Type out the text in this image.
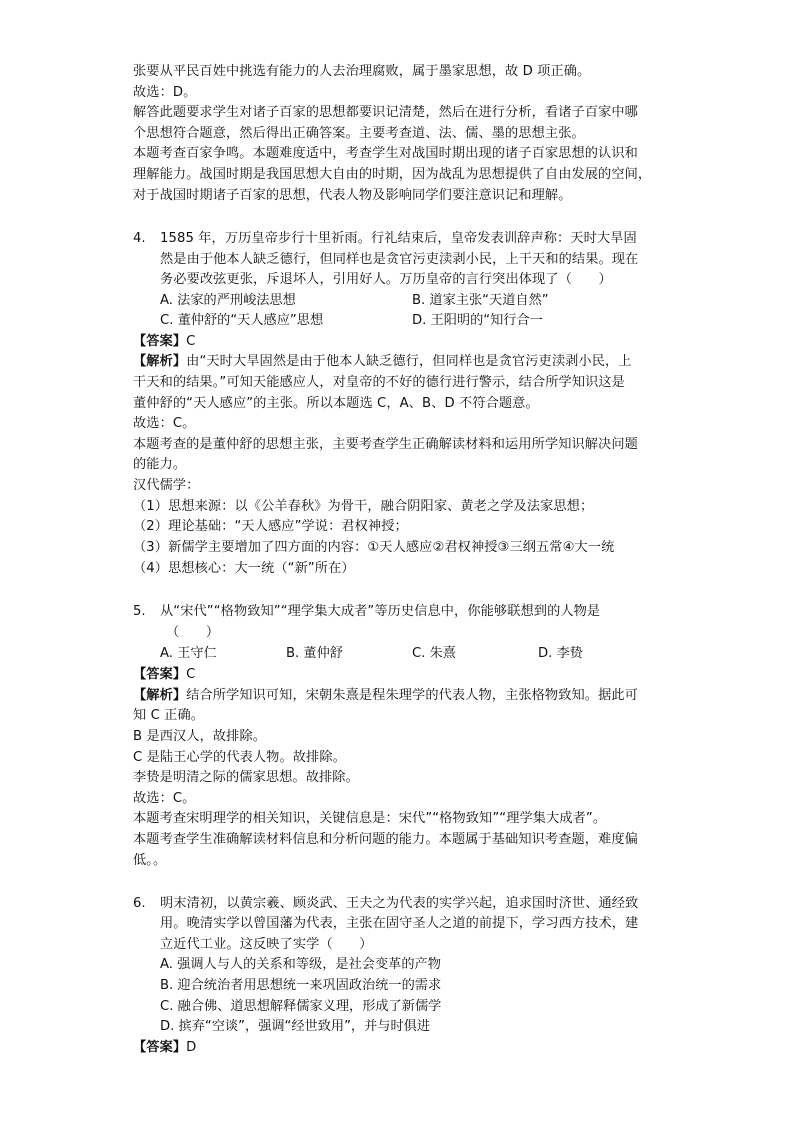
张要从平民百姓中挑选有能力的人去治理腐败，属于墨家思想，故 D 项正确。
故选：D。
解答此题要求学生对诸子百家的思想都要识记清楚，然后在进行分析，看诸子百家中哪
个思想符合题意，然后得出正确答案。主要考查道、法、儒、墨的思想主张。
本题考查百家争鸣。本题难度适中，考查学生对战国时期出现的诸子百家思想的认识和
理解能力。战国时期是我国思想大自由的时期，因为战乱为思想提供了自由发展的空间，
对于战国时期诸子百家的思想，代表人物及影响同学们要注意识记和理解。
4. 1585 年，万历皇帝步行十里祈雨。行礼结束后，皇帝发表训辞声称：天时大旱固
然是由于他本人缺乏德行，但同样也是贪官污吏渎剥小民，上干天和的结果。现在
务必要改弦更张，斥退坏人，引用好人。万历皇帝的言行突出体现了（　　）
A. 法家的严刑峻法思想	B. 道家主张“天道自然”
C. 董仲舒的“天人感应”思想	D. 王阳明的“知行合一
【答案】C
【解析】由“天时大旱固然是由于他本人缺乏德行，但同样也是贪官污吏渎剥小民，上
干天和的结果。”可知天能感应人，对皇帝的不好的德行进行警示，结合所学知识这是
董仲舒的“天人感应”的主张。所以本题选 C，A、B、D 不符合题意。
故选：C。
本题考查的是董仲舒的思想主张，主要考查学生正确解读材料和运用所学知识解决问题
的能力。
汉代儒学：
（1）思想来源：以《公羊春秋》为骨干，融合阴阳家、黄老之学及法家思想；
（2）理论基础：“天人感应”学说：君权神授；
（3）新儒学主要增加了四方面的内容：①天人感应②君权神授③三纲五常④大一统
（4）思想核心：大一统（“新”所在）
5. 从“宋代”“格物致知”“理学集大成者”等历史信息中，你能够联想到的人物是
（　　）
A. 王守仁	B. 董仲舒	C. 朱熹	D. 李贽
【答案】C
【解析】结合所学知识可知，宋朝朱熹是程朱理学的代表人物，主张格物致知。据此可
知 C 正确。
B 是西汉人，故排除。
C 是陆王心学的代表人物。故排除。
李贽是明清之际的儒家思想。故排除。
故选：C。
本题考查宋明理学的相关知识，关键信息是：宋代”“格物致知”“理学集大成者”。
本题考查学生准确解读材料信息和分析问题的能力。本题属于基础知识考查题，难度偏
低。。
6. 明末清初，以黄宗羲、顾炎武、王夫之为代表的实学兴起，追求国时济世、通经致
用。晚清实学以曾国藩为代表，主张在固守圣人之道的前提下，学习西方技术，建
立近代工业。这反映了实学（　　）
A. 强调人与人的关系和等级，是社会变革的产物
B. 迎合统治者用思想统一来巩固政治统一的需求
C. 融合佛、道思想解释儒家义理，形成了新儒学
D. 摈弃“空谈”，强调“经世致用”，并与时俱进
【答案】D
